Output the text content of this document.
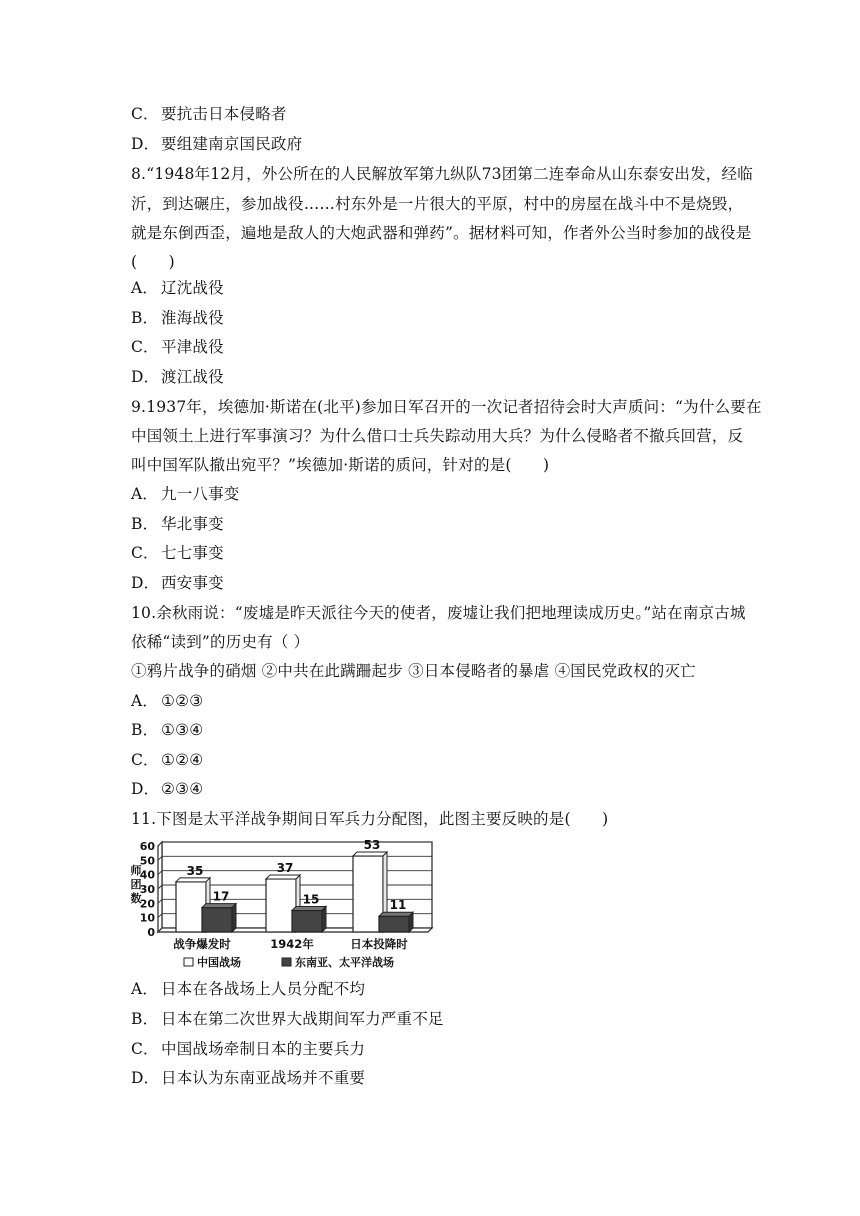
C． 要抗击日本侵略者
D． 要组建南京国民政府
8.“1948年12月，外公所在的人民解放军第九纵队73团第二连奉命从山东泰安出发，经临
沂，到达碾庄，参加战役……村东外是一片很大的平原，村中的房屋在战斗中不是烧毁，
就是东倒西歪，遍地是敌人的大炮武器和弹药”。据材料可知，作者外公当时参加的战役是
(　　)
A． 辽沈战役
B． 淮海战役
C． 平津战役
D． 渡江战役
9.1937年，埃德加·斯诺在(北平)参加日军召开的一次记者招待会时大声质问：“为什么要在
中国领土上进行军事演习？为什么借口士兵失踪动用大兵？为什么侵略者不撤兵回营，反
叫中国军队撤出宛平？”埃德加·斯诺的质问，针对的是(　　)
A． 九一八事变
B． 华北事变
C． 七七事变
D． 西安事变
10.余秋雨说：“废墟是昨天派往今天的使者，废墟让我们把地理读成历史。”站在南京古城
依稀“读到”的历史有（ ）
①鸦片战争的硝烟 ②中共在此蹒跚起步 ③日本侵略者的暴虐 ④国民党政权的灭亡
A． ①②③
B． ①③④
C． ①②④
D． ②③④
11.下图是太平洋战争期间日军兵力分配图，此图主要反映的是(　　)
0
10
20
30
40
50
60
师
团
数
35
17
战争爆发时
37
15
1942年
53
11
日本投降时
中国战场	东南亚、太平洋战场
A． 日本在各战场上人员分配不均
B． 日本在第二次世界大战期间军力严重不足
C． 中国战场牵制日本的主要兵力
D． 日本认为东南亚战场并不重要
